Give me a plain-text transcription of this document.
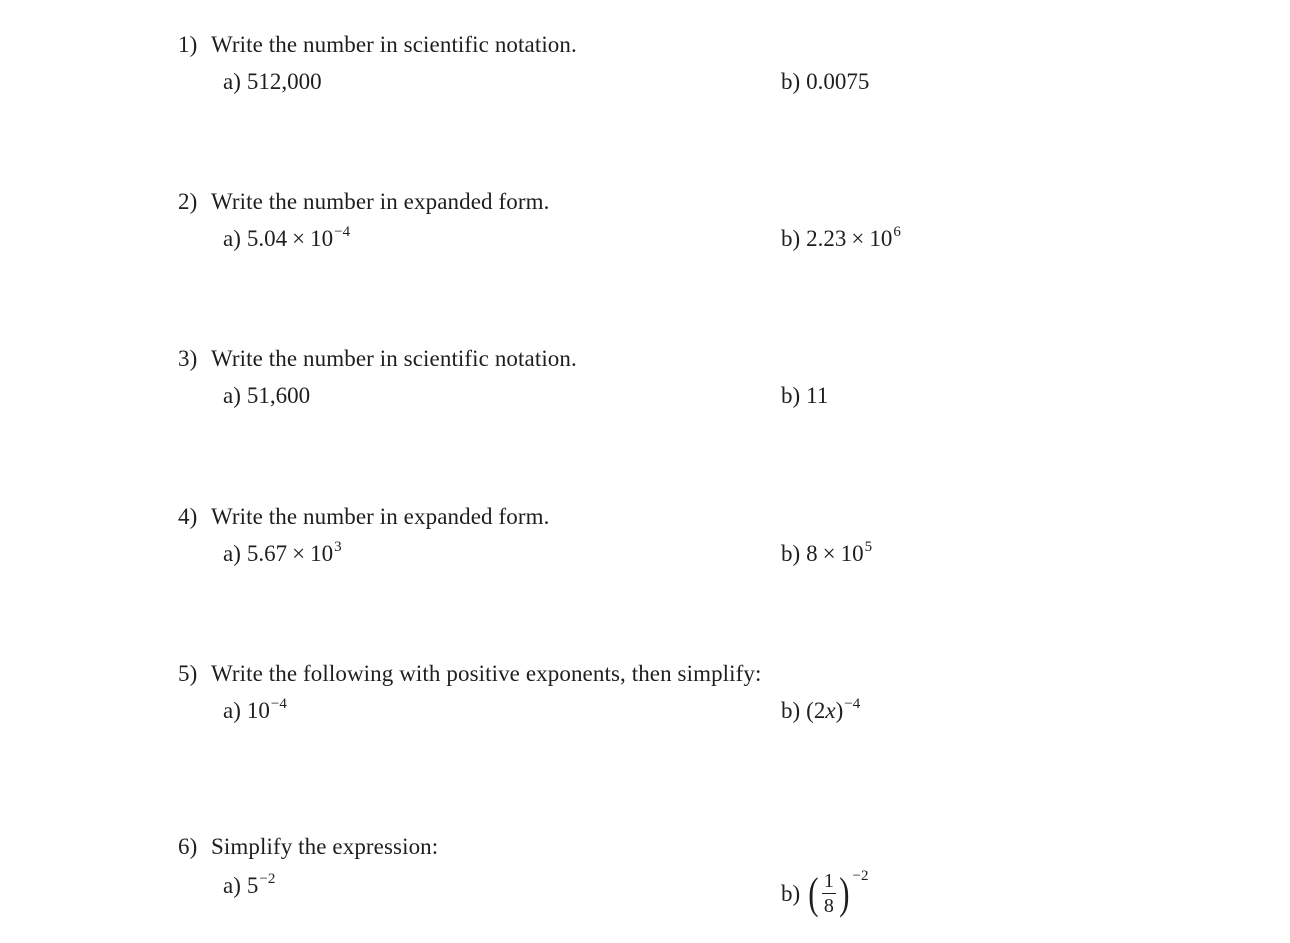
1) Write the number in scientific notation.
a) 512,000	b) 0.0075
2) Write the number in expanded form.
a) $5.04 \times 10^{-4}$	b) $2.23 \times 10^6$
3) Write the number in scientific notation.
a) 51,600	b) 11
4) Write the number in expanded form.
a) $5.67 \times 10^3$	b) $8 \times 10^5$
5) Write the following with positive exponents, then simplify:
a) $10^{-4}$	b) $(2x)^{-4}$
6) Simplify the expression:
a) $5^{-2}$
b) ( $\frac{1}{8}$ ) −2
